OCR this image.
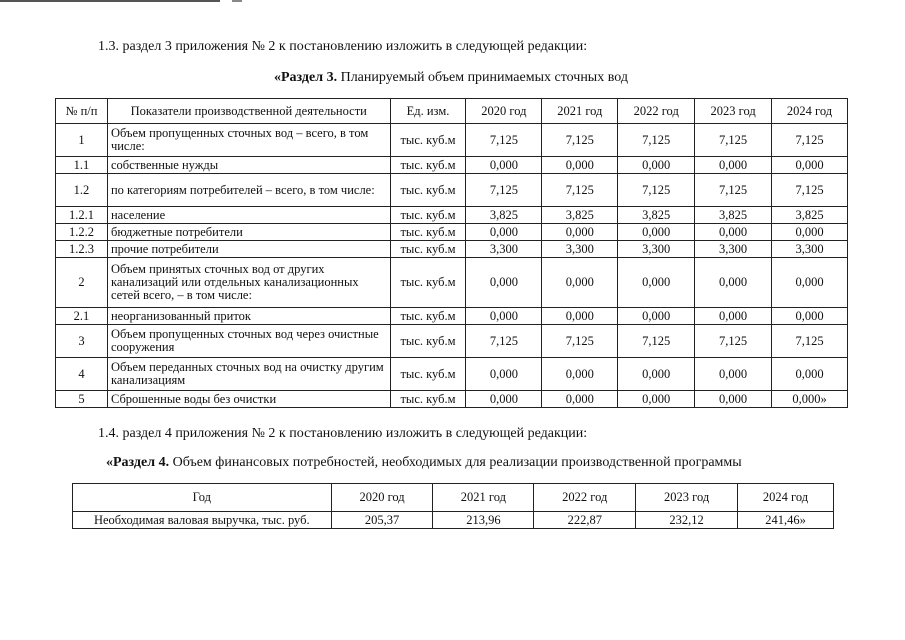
1.3. раздел 3 приложения № 2 к постановлению изложить в следующей редакции:
«Раздел 3. Планируемый объем принимаемых сточных вод
№ п/п	Показатели производственной деятельности	Ед. изм.	2020 год	2021 год	2022 год	2023 год	2024 год
1	Объем пропущенных сточных вод – всего, в том числе:	тыс. куб.м	7,125	7,125	7,125	7,125	7,125
1.1	собственные нужды	тыс. куб.м	0,000	0,000	0,000	0,000	0,000
1.2	по категориям потребителей – всего, в том числе:	тыс. куб.м	7,125	7,125	7,125	7,125	7,125
1.2.1	население	тыс. куб.м	3,825	3,825	3,825	3,825	3,825
1.2.2	бюджетные потребители	тыс. куб.м	0,000	0,000	0,000	0,000	0,000
1.2.3	прочие потребители	тыс. куб.м	3,300	3,300	3,300	3,300	3,300
2	Объем принятых сточных вод от других канализаций или отдельных канализационных сетей всего, – в том числе:	тыс. куб.м	0,000	0,000	0,000	0,000	0,000
2.1	неорганизованный приток	тыс. куб.м	0,000	0,000	0,000	0,000	0,000
3	Объем пропущенных сточных вод через очистные сооружения	тыс. куб.м	7,125	7,125	7,125	7,125	7,125
4	Объем переданных сточных вод на очистку другим канализациям	тыс. куб.м	0,000	0,000	0,000	0,000	0,000
5	Сброшенные воды без очистки	тыс. куб.м	0,000	0,000	0,000	0,000	0,000»
1.4. раздел 4 приложения № 2 к постановлению изложить в следующей редакции:
«Раздел 4. Объем финансовых потребностей, необходимых для реализации производственной программы
Год	2020 год	2021 год	2022 год	2023 год	2024 год
Необходимая валовая выручка, тыс. руб.	205,37	213,96	222,87	232,12	241,46»
